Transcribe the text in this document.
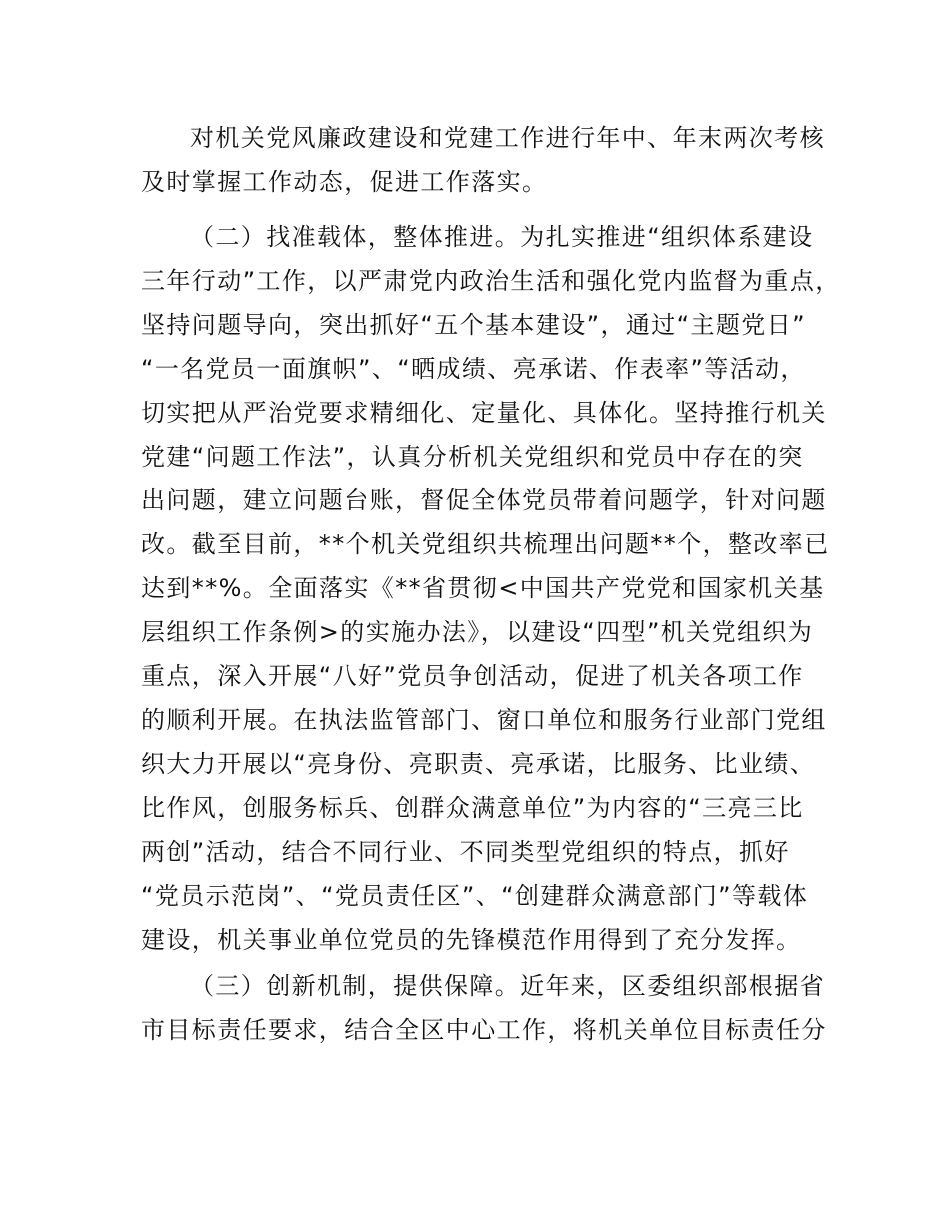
对机关党风廉政建设和党建工作进行年中、年末两次考核
及时掌握工作动态，促进工作落实。
（二）找准载体，整体推进。为扎实推进“组织体系建设
三年行动”工作，以严肃党内政治生活和强化党内监督为重点，
坚持问题导向，突出抓好“五个基本建设”，通过“主题党日”
“一名党员一面旗帜”、“晒成绩、亮承诺、作表率”等活动，
切实把从严治党要求精细化、定量化、具体化。坚持推行机关
党建“问题工作法”，认真分析机关党组织和党员中存在的突
出问题，建立问题台账，督促全体党员带着问题学，针对问题
改。截至目前，**个机关党组织共梳理出问题**个，整改率已
达到**%。全面落实《**省贯彻<中国共产党党和国家机关基
层组织工作条例>的实施办法》，以建设“四型”机关党组织为
重点，深入开展“八好”党员争创活动，促进了机关各项工作
的顺利开展。在执法监管部门、窗口单位和服务行业部门党组
织大力开展以“亮身份、亮职责、亮承诺，比服务、比业绩、
比作风，创服务标兵、创群众满意单位”为内容的“三亮三比
两创”活动，结合不同行业、不同类型党组织的特点，抓好
“党员示范岗”、“党员责任区”、“创建群众满意部门”等载体
建设，机关事业单位党员的先锋模范作用得到了充分发挥。
（三）创新机制，提供保障。近年来，区委组织部根据省
市目标责任要求，结合全区中心工作，将机关单位目标责任分
